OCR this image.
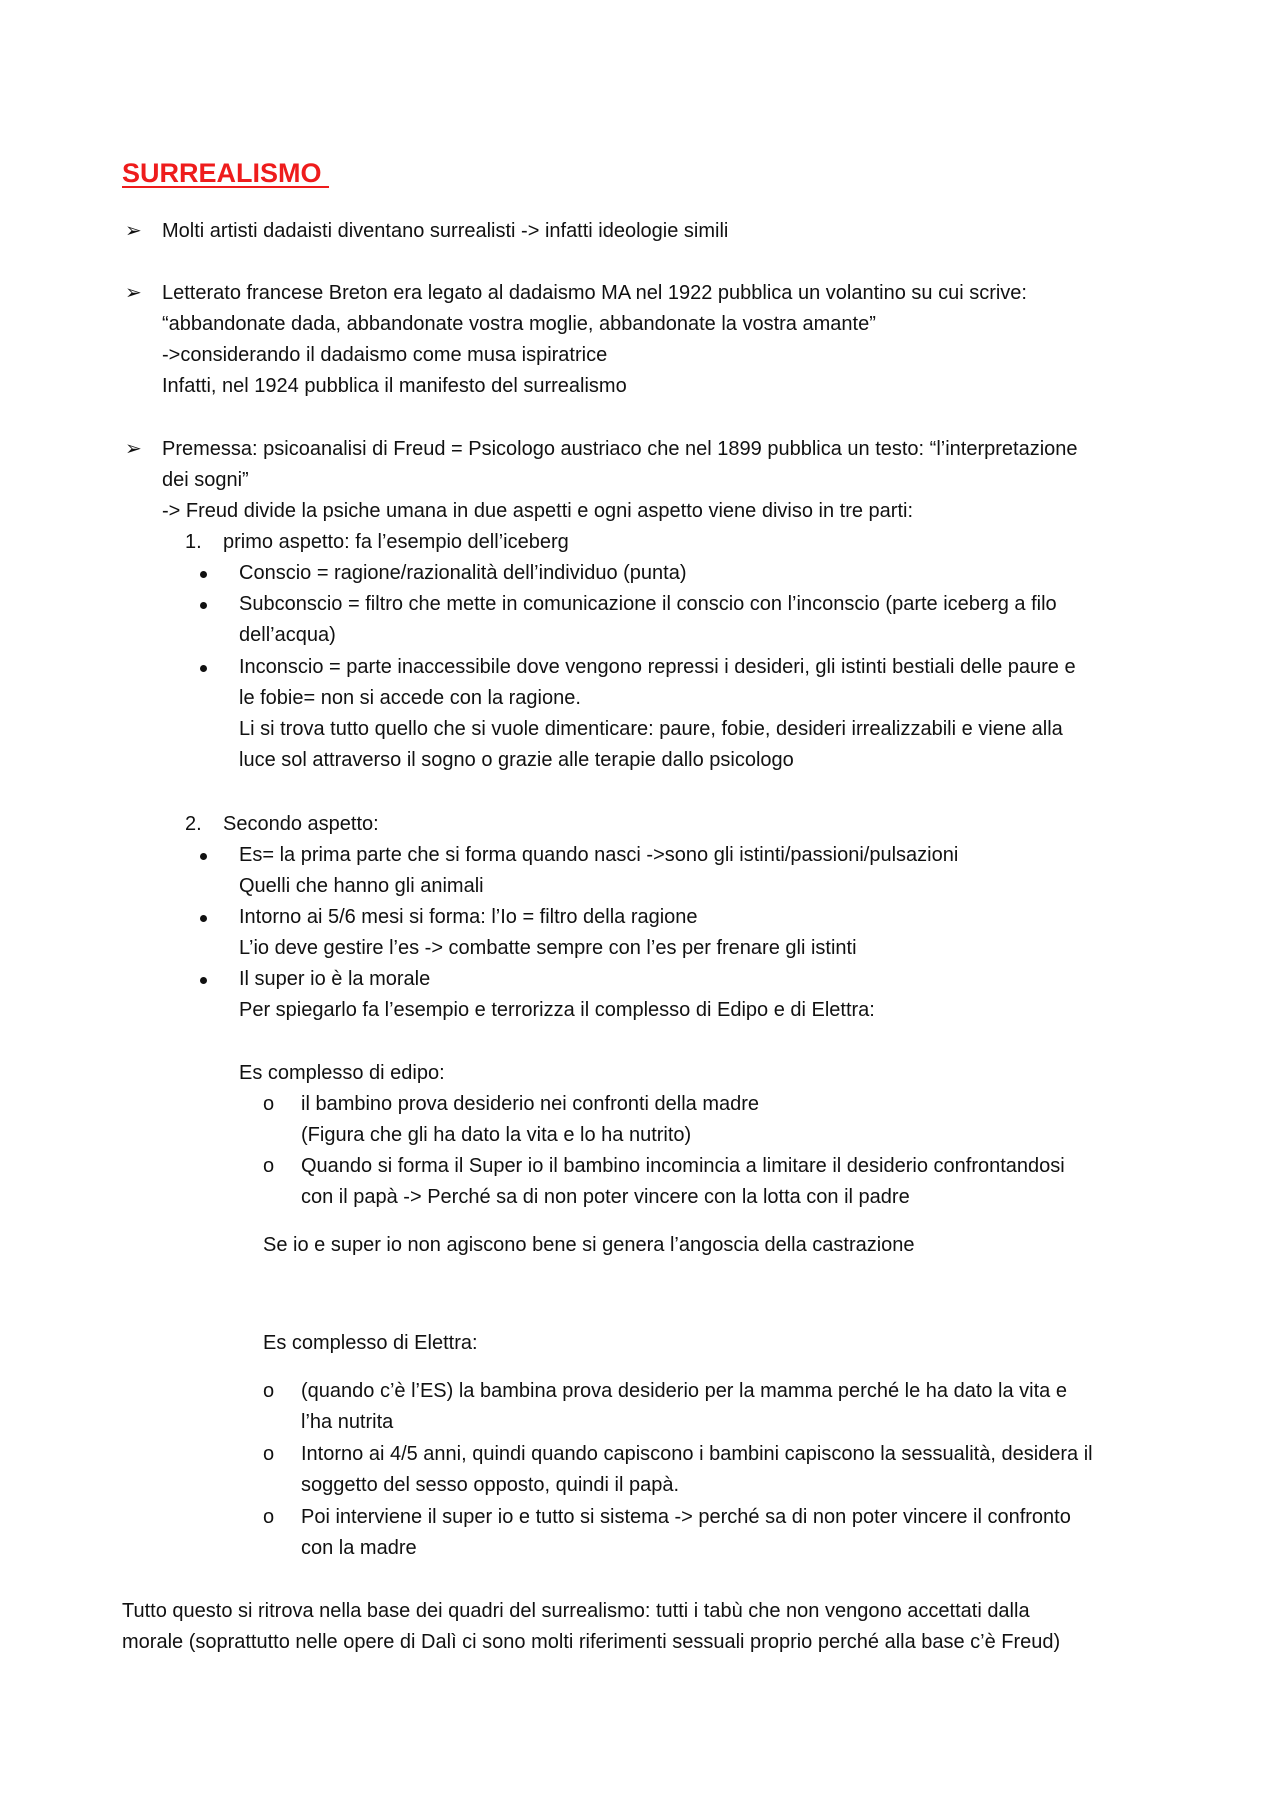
SURREALISMO
➢ Molti artisti dadaisti diventano surrealisti -> infatti ideologie simili
➢ Letterato francese Breton era legato al dadaismo MA nel 1922 pubblica un volantino su cui scrive:
“abbandonate dada, abbandonate vostra moglie, abbandonate la vostra amante”
->considerando il dadaismo come musa ispiratrice
Infatti, nel 1924 pubblica il manifesto del surrealismo
➢ Premessa: psicoanalisi di Freud = Psicologo austriaco che nel 1899 pubblica un testo: “l’interpretazione
dei sogni”
-> Freud divide la psiche umana in due aspetti e ogni aspetto viene diviso in tre parti:
1. primo aspetto: fa l’esempio dell’iceberg
Conscio = ragione/razionalità dell’individuo (punta)
Subconscio = filtro che mette in comunicazione il conscio con l’inconscio (parte iceberg a filo
dell’acqua)
Inconscio = parte inaccessibile dove vengono repressi i desideri, gli istinti bestiali delle paure e
le fobie= non si accede con la ragione.
Li si trova tutto quello che si vuole dimenticare: paure, fobie, desideri irrealizzabili e viene alla
luce sol attraverso il sogno o grazie alle terapie dallo psicologo
2. Secondo aspetto:
Es= la prima parte che si forma quando nasci ->sono gli istinti/passioni/pulsazioni
Quelli che hanno gli animali
Intorno ai 5/6 mesi si forma: l’Io = filtro della ragione
L’io deve gestire l’es -> combatte sempre con l’es per frenare gli istinti
Il super io è la morale
Per spiegarlo fa l’esempio e terrorizza il complesso di Edipo e di Elettra:
Es complesso di edipo:
o il bambino prova desiderio nei confronti della madre
(Figura che gli ha dato la vita e lo ha nutrito)
o Quando si forma il Super io il bambino incomincia a limitare il desiderio confrontandosi
con il papà -> Perché sa di non poter vincere con la lotta con il padre
Se io e super io non agiscono bene si genera l’angoscia della castrazione
Es complesso di Elettra:
o (quando c’è l’ES) la bambina prova desiderio per la mamma perché le ha dato la vita e
l’ha nutrita
o Intorno ai 4/5 anni, quindi quando capiscono i bambini capiscono la sessualità, desidera il
soggetto del sesso opposto, quindi il papà.
o Poi interviene il super io e tutto si sistema -> perché sa di non poter vincere il confronto
con la madre
Tutto questo si ritrova nella base dei quadri del surrealismo: tutti i tabù che non vengono accettati dalla
morale (soprattutto nelle opere di Dalì ci sono molti riferimenti sessuali proprio perché alla base c’è Freud)
